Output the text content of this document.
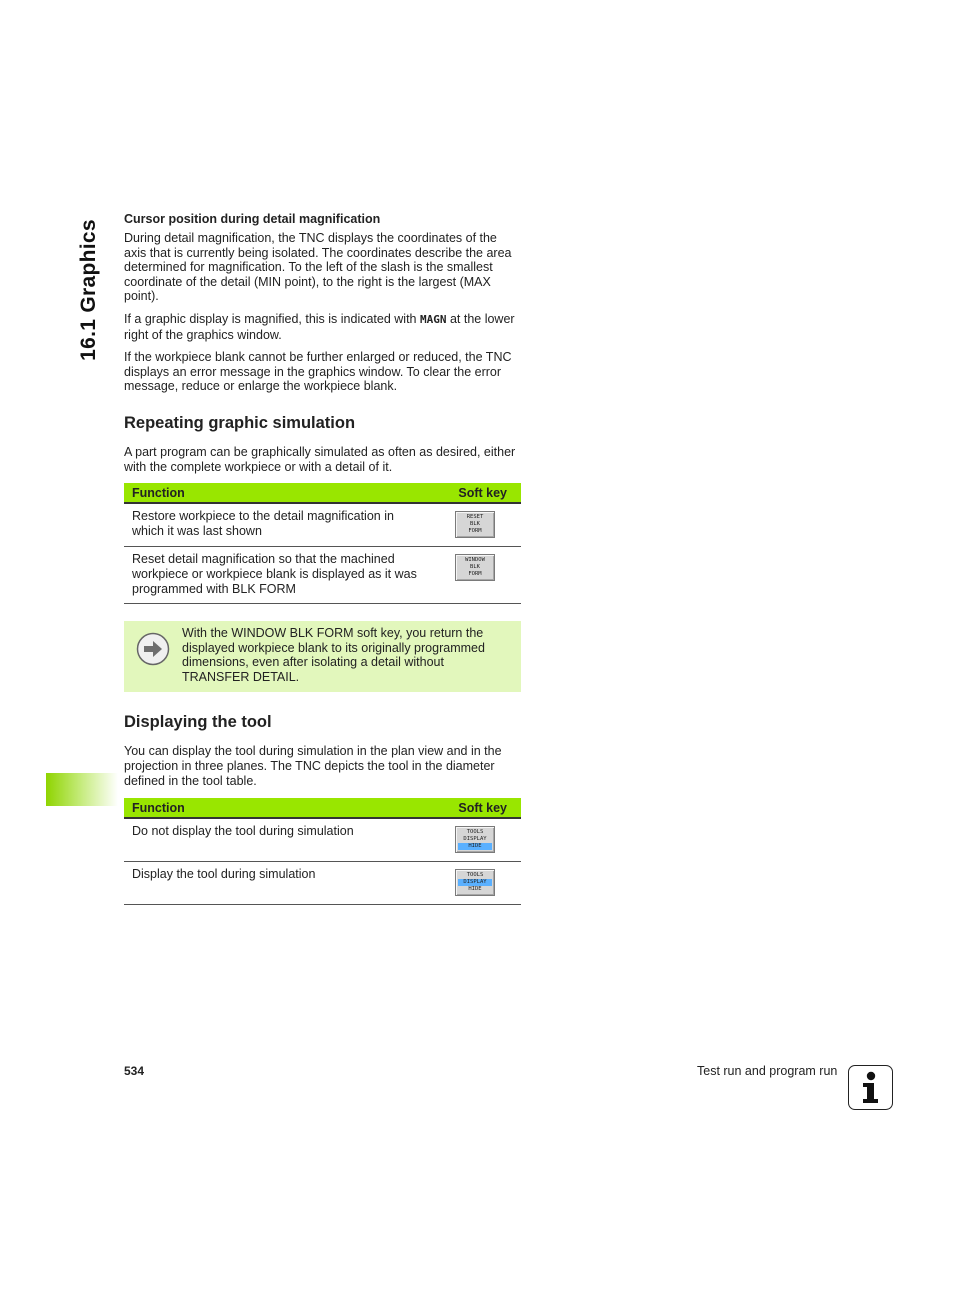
16.1 Graphics
Cursor position during detail magnification

During detail magnification, the TNC displays the coordinates of the axis that is currently being isolated. The coordinates describe the area determined for magnification. To the left of the slash is the smallest coordinate of the detail (MIN point), to the right is the largest (MAX point).

If a graphic display is magnified, this is indicated with MAGN at the lower right of the graphics window.

If the workpiece blank cannot be further enlarged or reduced, the TNC displays an error message in the graphics window. To clear the error message, reduce or enlarge the workpiece blank.

Repeating graphic simulation

A part program can be graphically simulated as often as desired, either with the complete workpiece or with a detail of it.

Function	Soft key
Restore workpiece to the detail magnification in which it was last shown	RESET
BLK
FORM

Reset detail magnification so that the machined workpiece or workpiece blank is displayed as it was programmed with BLK FORM	WINDOW
BLK
FORM

With the WINDOW BLK FORM soft key, you return the displayed workpiece blank to its originally programmed dimensions, even after isolating a detail without TRANSFER DETAIL.

Displaying the tool

You can display the tool during simulation in the plan view and in the projection in three planes. The TNC depicts the tool in the diameter defined in the tool table.

Function	Soft key
Do not display the tool during simulation	TOOLS
DISPLAY
HIDE

Display the tool during simulation	TOOLS
DISPLAY
HIDE
534	Test run and program run
